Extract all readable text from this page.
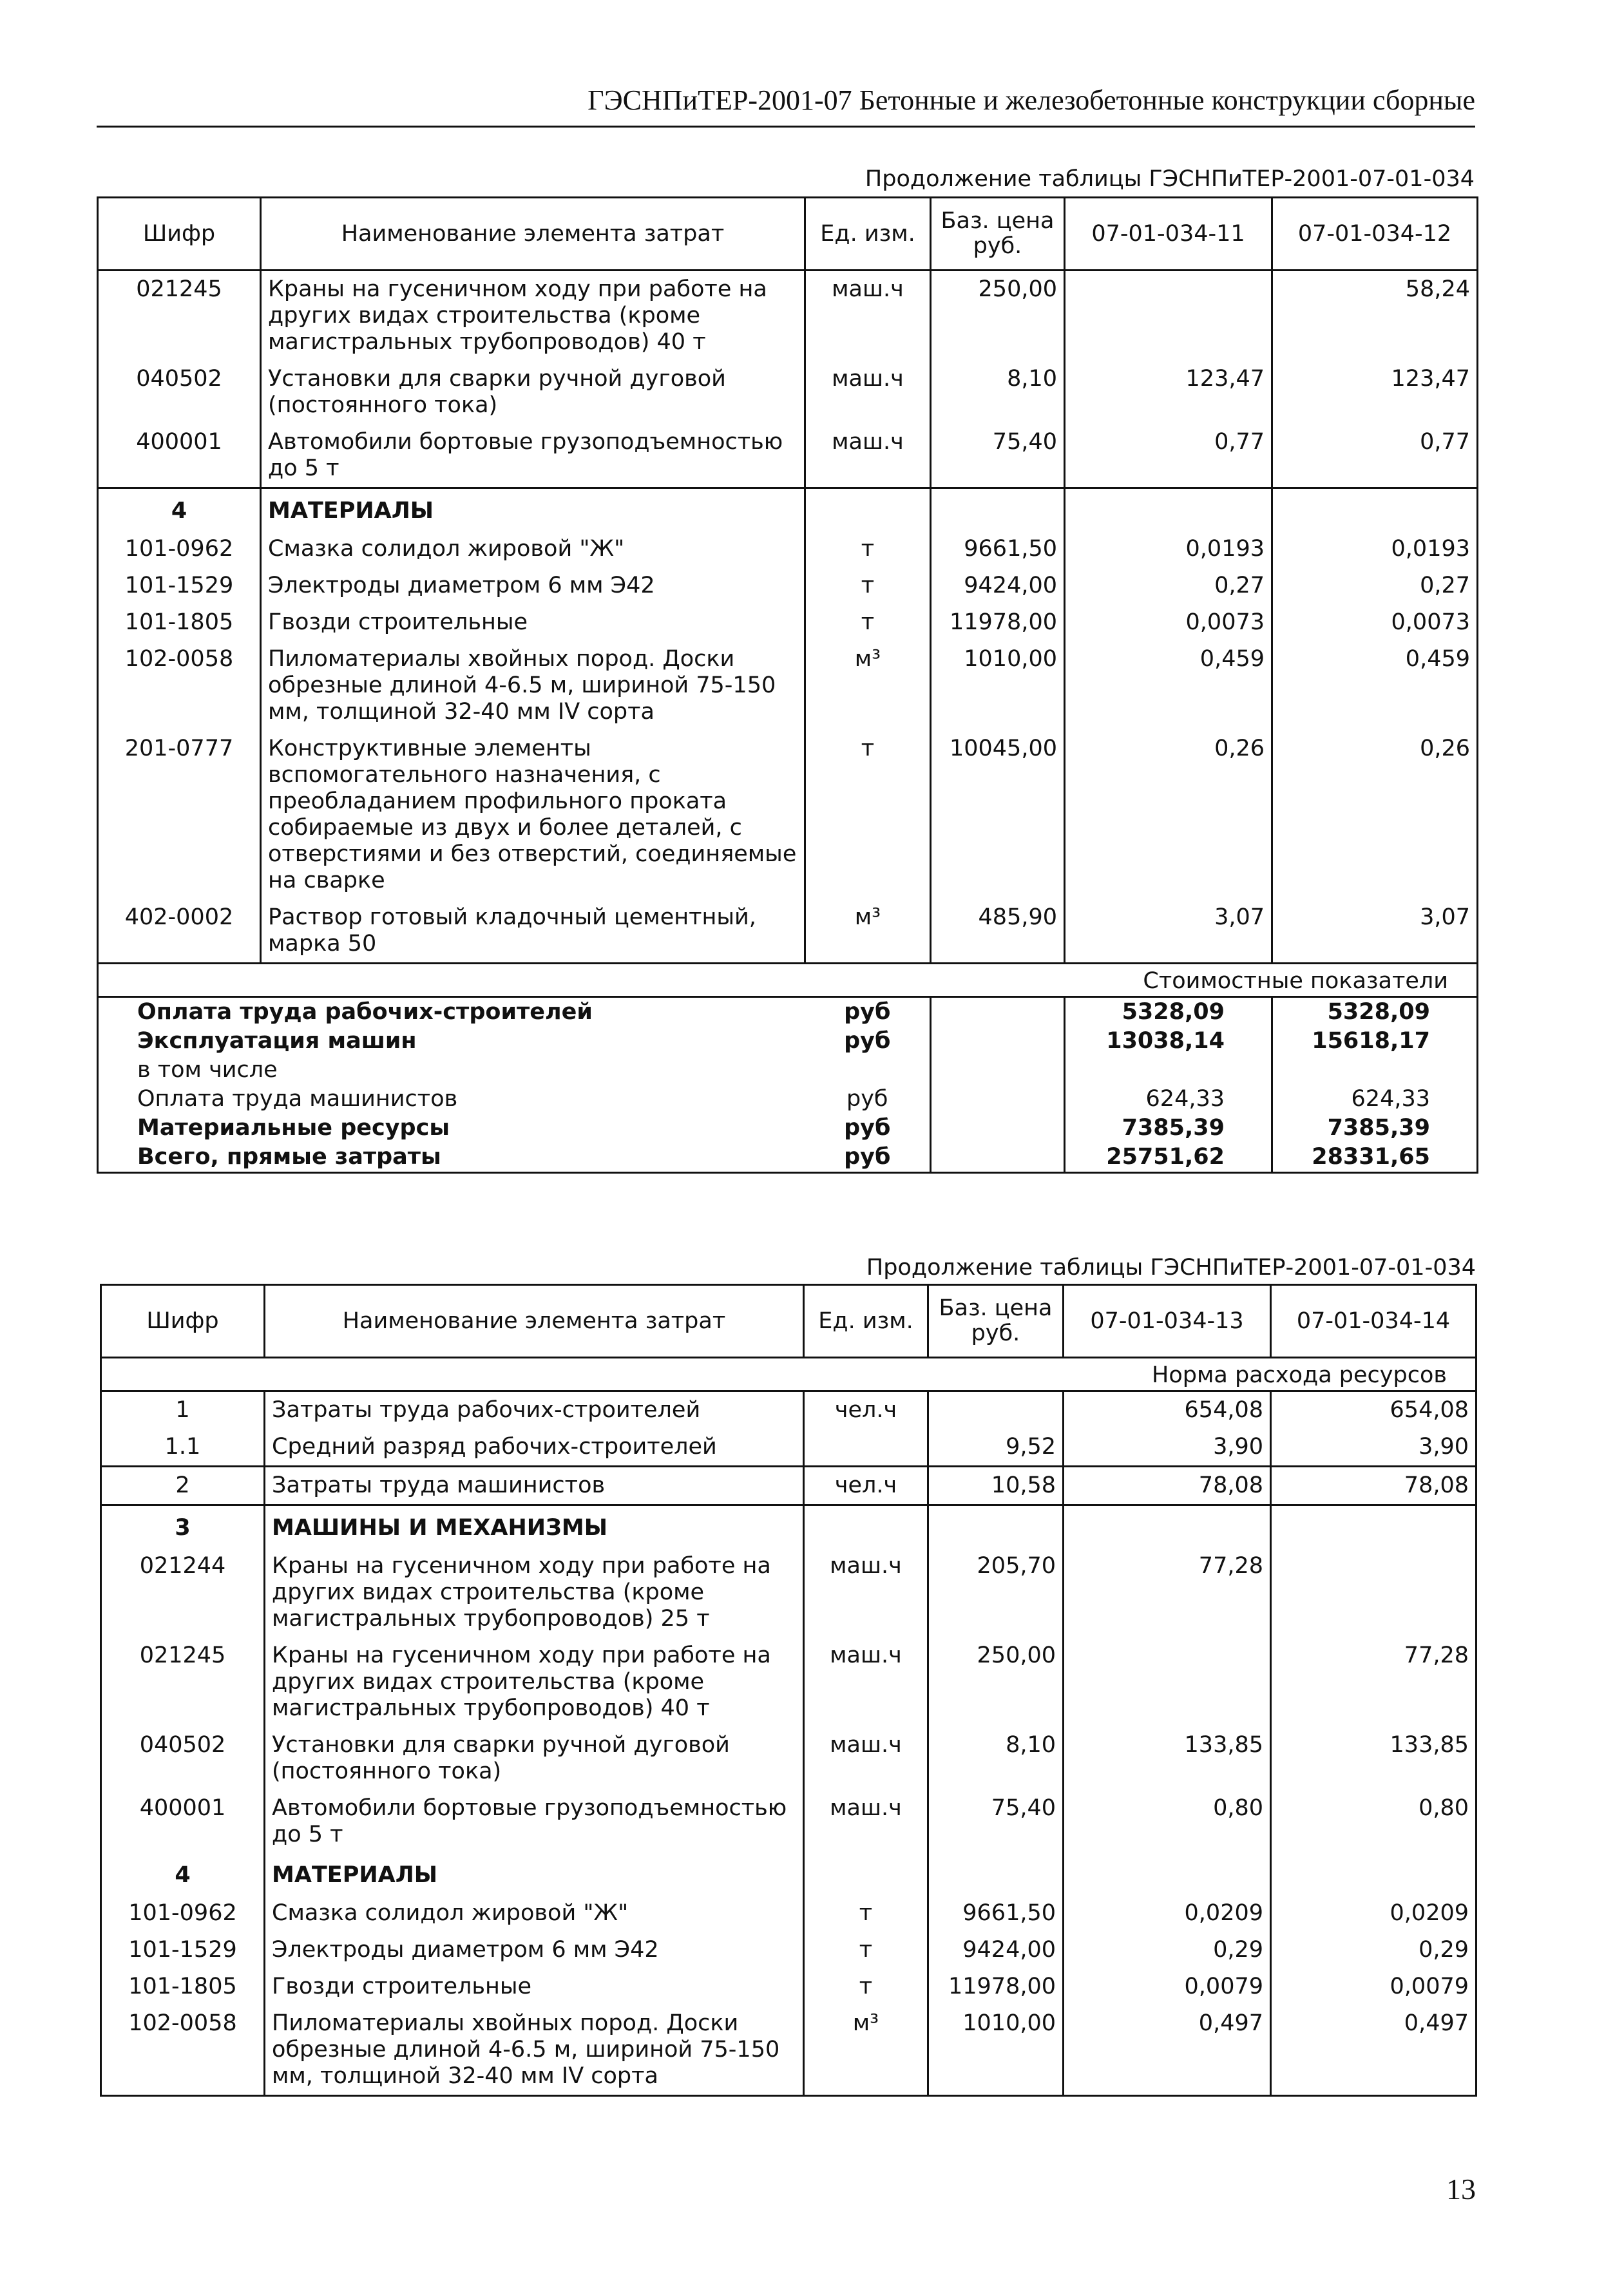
ГЭСНПиТЕР-2001-07 Бетонные и железобетонные конструкции сборные
Продолжение таблицы ГЭСНПиТЕР-2001-07-01-034
Шифр	Наименование элемента затрат	Ед. изм.	Баз. цена руб.	07-01-034-11	07-01-034-12
021245	Краны на гусеничном ходу при работе на других видах строительства (кроме магистральных трубопроводов) 40 т	маш.ч	250,00		58,24
040502	Установки для сварки ручной дуговой (постоянного тока)	маш.ч	8,10	123,47	123,47
400001	Автомобили бортовые грузоподъемностью до 5 т	маш.ч	75,40	0,77	0,77
4	МАТЕРИАЛЫ				
101-0962	Смазка солидол жировой "Ж"	т	9661,50	0,0193	0,0193
101-1529	Электроды диаметром 6 мм Э42	т	9424,00	0,27	0,27
101-1805	Гвозди строительные	т	11978,00	0,0073	0,0073
102-0058	Пиломатериалы хвойных пород. Доски обрезные длиной 4-6.5 м, шириной 75-150 мм, толщиной 32-40 мм IV сорта	м³	1010,00	0,459	0,459
201-0777	Конструктивные элементы вспомогательного назначения, с преобладанием профильного проката собираемые из двух и более деталей, с отверстиями и без отверстий, соединяемые на сварке	т	10045,00	0,26	0,26
402-0002	Раствор готовый кладочный цементный, марка 50	м³	485,90	3,07	3,07
Стоимостные показатели					
Оплата труда рабочих-строителей		руб		5328,09	5328,09
Эксплуатация машин		руб		13038,14	15618,17
в том числе					
Оплата труда машинистов		руб		624,33	624,33
Материальные ресурсы		руб		7385,39	7385,39
Всего, прямые затраты		руб		25751,62	28331,65
Продолжение таблицы ГЭСНПиТЕР-2001-07-01-034
Шифр	Наименование элемента затрат	Ед. изм.	Баз. цена руб.	07-01-034-13	07-01-034-14
Норма расхода ресурсов					
1	Затраты труда рабочих-строителей	чел.ч		654,08	654,08
1.1	Средний разряд рабочих-строителей		9,52	3,90	3,90
2	Затраты труда машинистов	чел.ч	10,58	78,08	78,08
3	МАШИНЫ И МЕХАНИЗМЫ				
021244	Краны на гусеничном ходу при работе на других видах строительства (кроме магистральных трубопроводов) 25 т	маш.ч	205,70	77,28	
021245	Краны на гусеничном ходу при работе на других видах строительства (кроме магистральных трубопроводов) 40 т	маш.ч	250,00		77,28
040502	Установки для сварки ручной дуговой (постоянного тока)	маш.ч	8,10	133,85	133,85
400001	Автомобили бортовые грузоподъемностью до 5 т	маш.ч	75,40	0,80	0,80
4	МАТЕРИАЛЫ				
101-0962	Смазка солидол жировой "Ж"	т	9661,50	0,0209	0,0209
101-1529	Электроды диаметром 6 мм Э42	т	9424,00	0,29	0,29
101-1805	Гвозди строительные	т	11978,00	0,0079	0,0079
102-0058	Пиломатериалы хвойных пород. Доски обрезные длиной 4-6.5 м, шириной 75-150 мм, толщиной 32-40 мм IV сорта	м³	1010,00	0,497	0,497
13
